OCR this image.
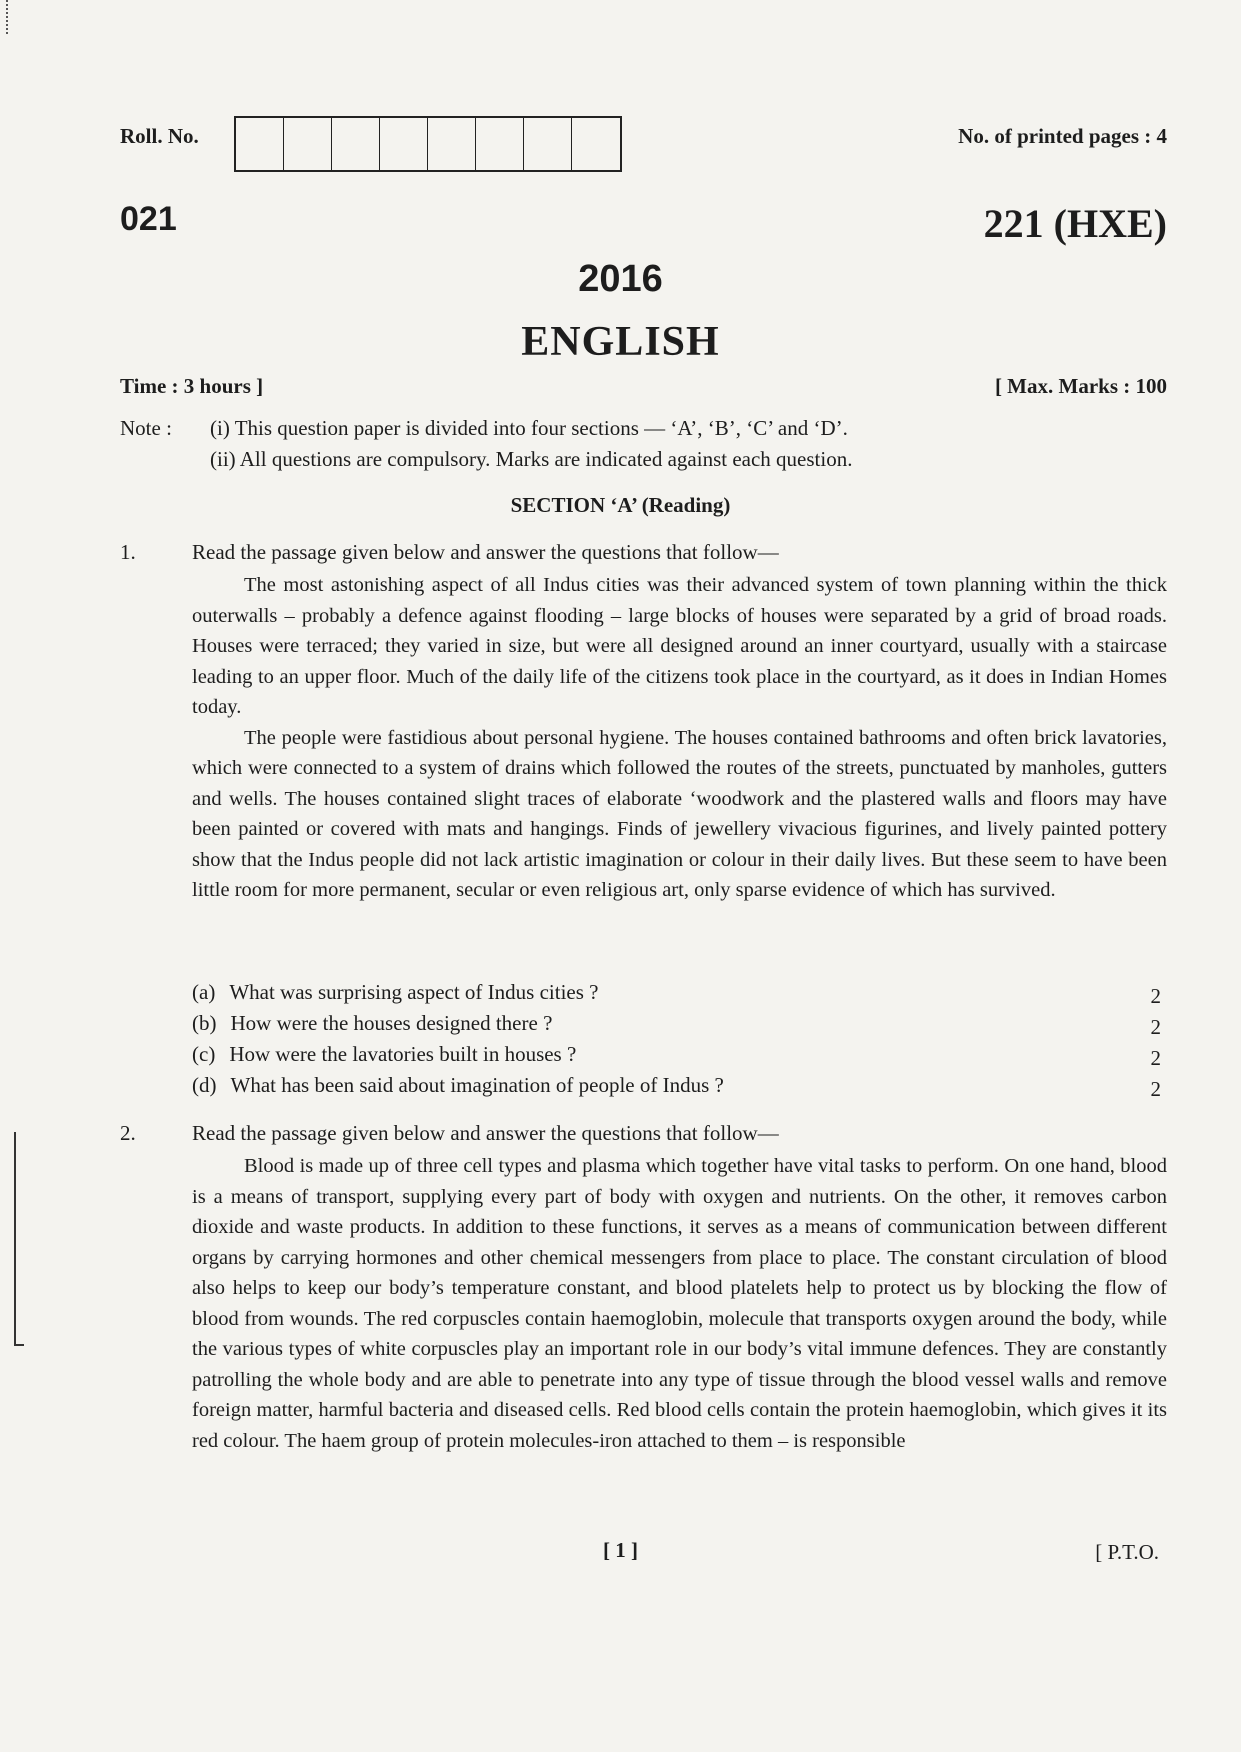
Roll. No.	No. of printed pages : 4
021	221 (HXE)
2016
ENGLISH
Time : 3 hours ]	[ Max. Marks : 100
Note : (i) This question paper is divided into four sections — ‘A’, ‘B’, ‘C’ and ‘D’.
(ii) All questions are compulsory. Marks are indicated against each question.
SECTION ‘A’ (Reading)
1.	Read the passage given below and answer the questions that follow—

The most astonishing aspect of all Indus cities was their advanced system of town planning within the thick outerwalls – probably a defence against flooding – large blocks of houses were separated by a grid of broad roads. Houses were terraced; they varied in size, but were all designed around an inner courtyard, usually with a staircase leading to an upper floor. Much of the daily life of the citizens took place in the courtyard, as it does in Indian Homes today.

The people were fastidious about personal hygiene. The houses contained bathrooms and often brick lavatories, which were connected to a system of drains which followed the routes of the streets, punctuated by manholes, gutters and wells. The houses contained slight traces of elaborate ‘woodwork and the plastered walls and floors may have been painted or covered with mats and hangings. Finds of jewellery vivacious figurines, and lively painted pottery show that the Indus people did not lack artistic imagination or colour in their daily lives. But these seem to have been little room for more permanent, secular or even religious art, only sparse evidence of which has survived.

(a) What was surprising aspect of Indus cities ?	2
(b) How were the houses designed there ?	2
(c) How were the lavatories built in houses ?	2
(d) What has been said about imagination of people of Indus ?	2
2.	Read the passage given below and answer the questions that follow—

Blood is made up of three cell types and plasma which together have vital tasks to perform. On one hand, blood is a means of transport, supplying every part of body with oxygen and nutrients. On the other, it removes carbon dioxide and waste products. In addition to these functions, it serves as a means of communication between different organs by carrying hormones and other chemical messengers from place to place. The constant circulation of blood also helps to keep our body’s temperature constant, and blood platelets help to protect us by blocking the flow of blood from wounds. The red corpuscles contain haemoglobin, molecule that transports oxygen around the body, while the various types of white corpuscles play an important role in our body’s vital immune defences. They are constantly patrolling the whole body and are able to penetrate into any type of tissue through the blood vessel walls and remove foreign matter, harmful bacteria and diseased cells. Red blood cells contain the protein haemoglobin, which gives it its red colour. The haem group of protein molecules-iron attached to them – is responsible

[ 1 ]	[ P.T.O.
